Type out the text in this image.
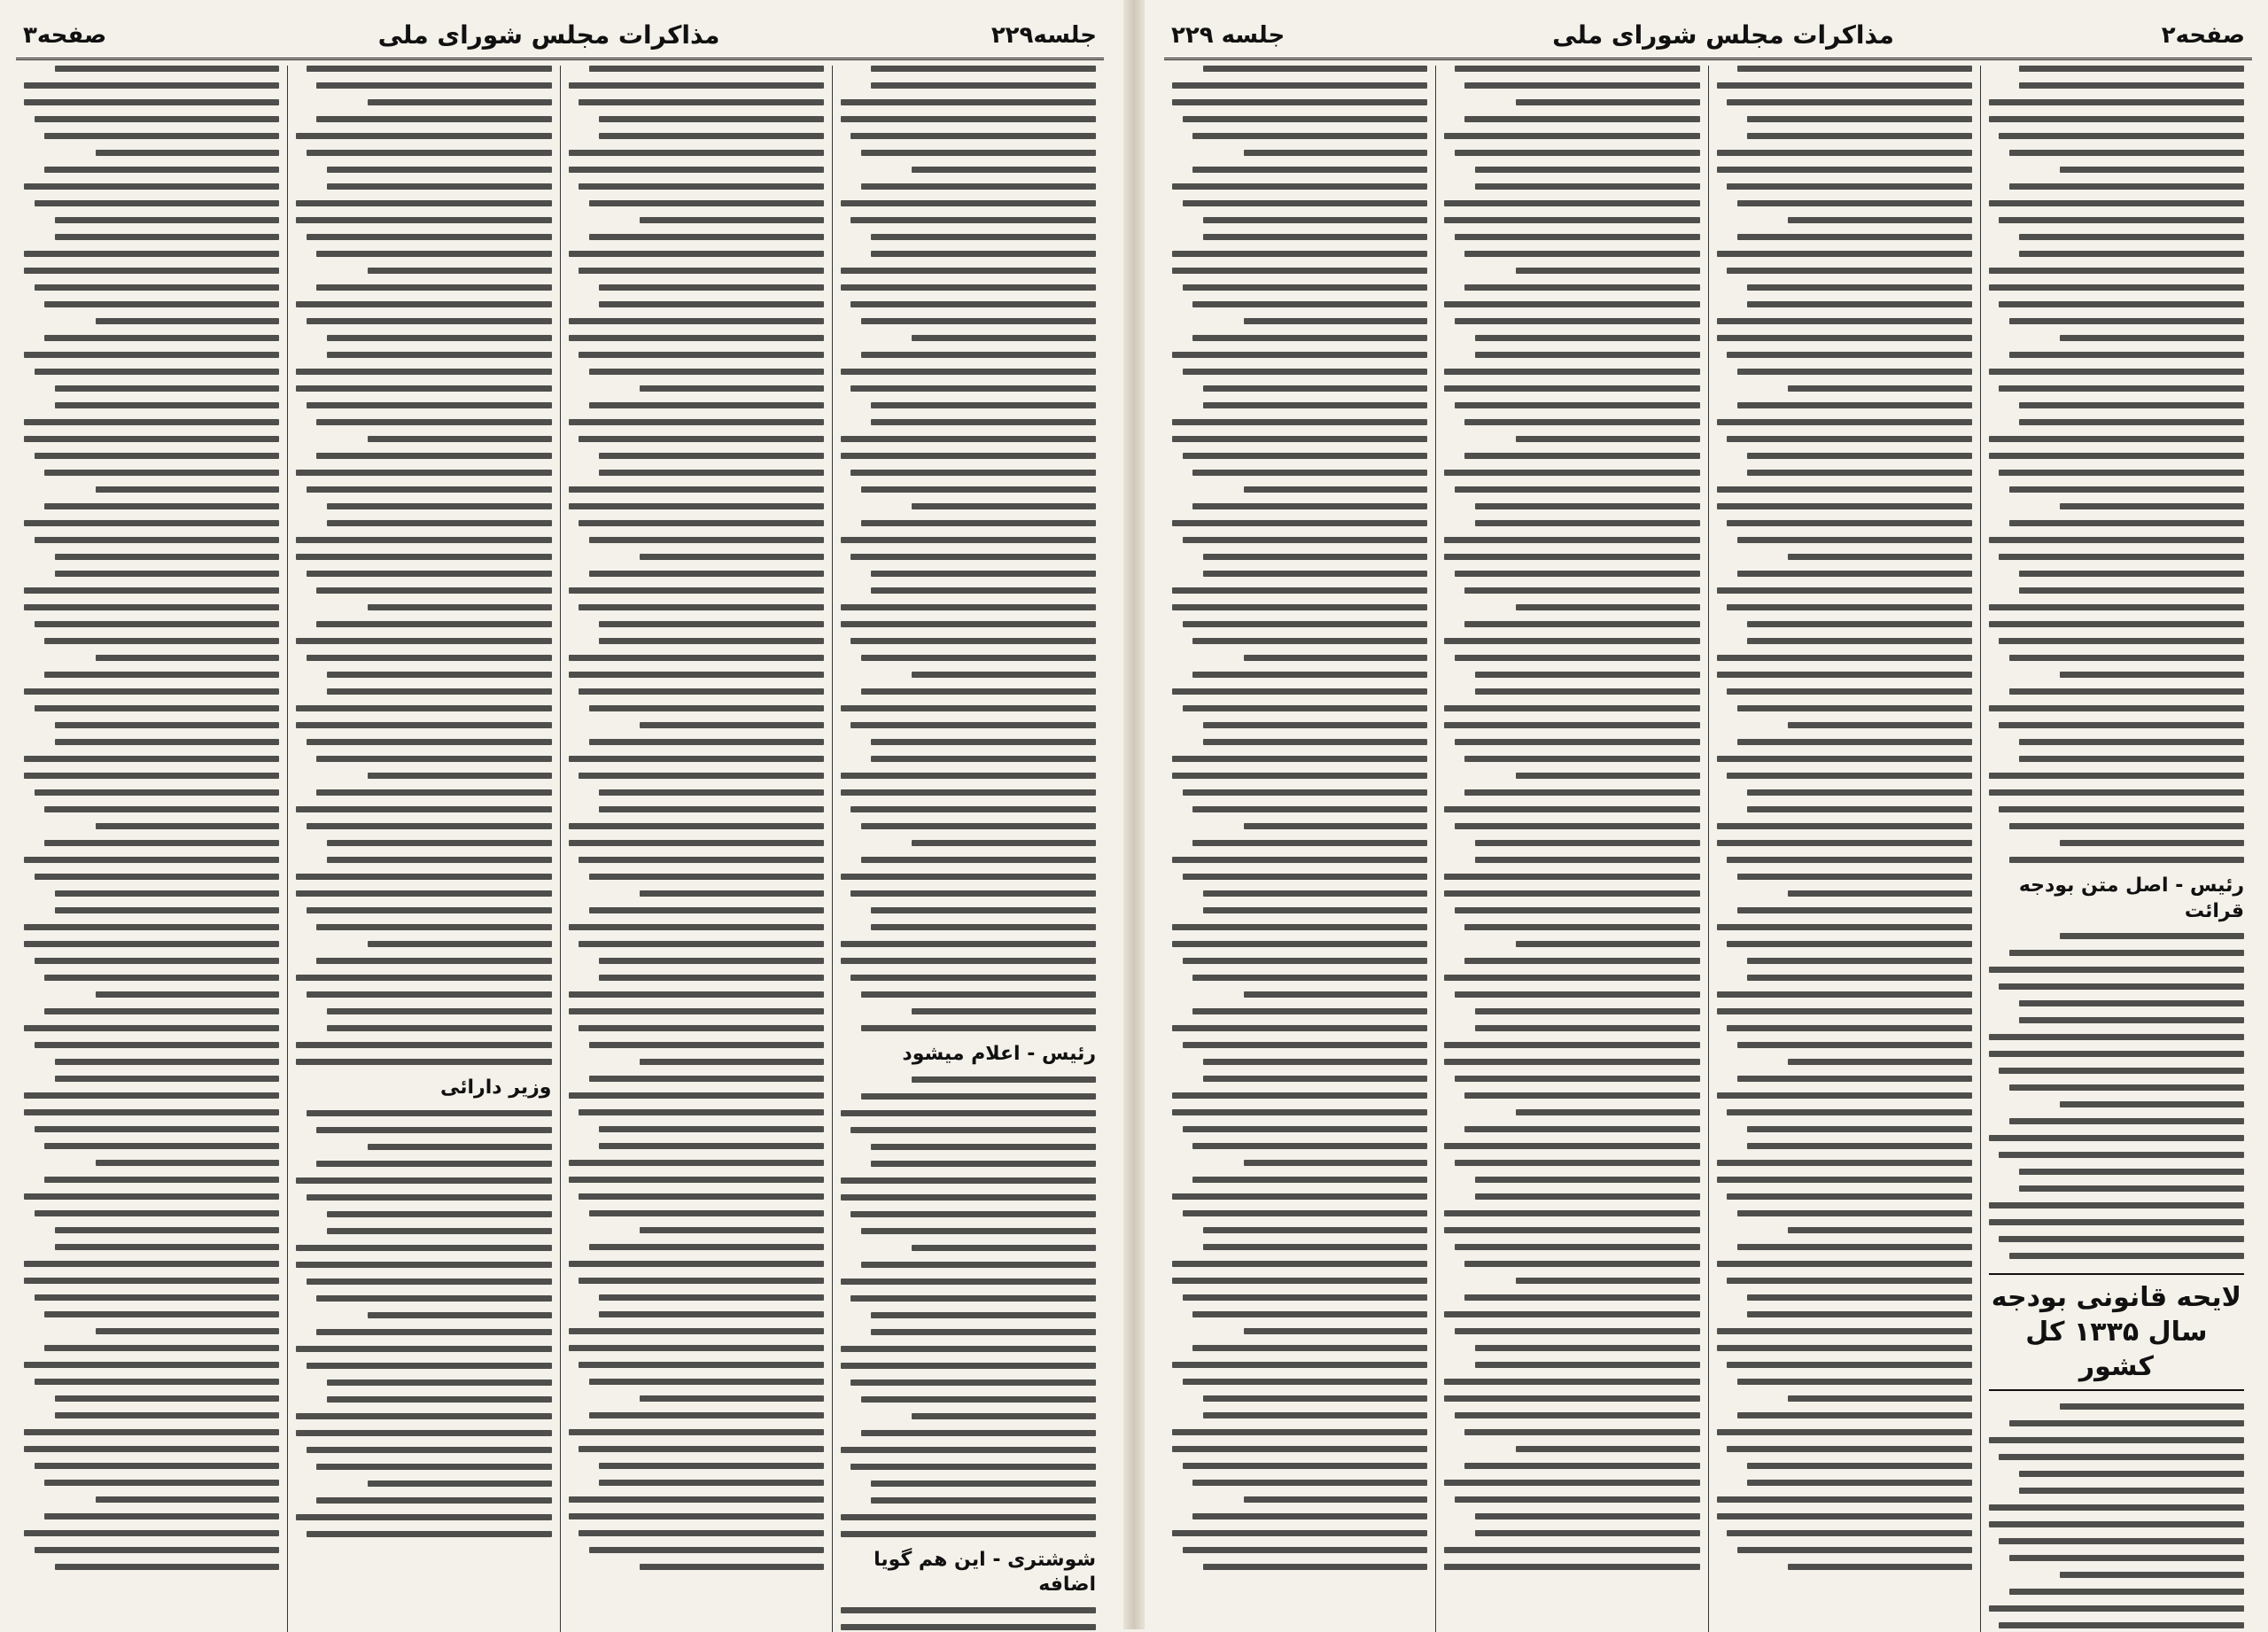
جلسه۲۲۹
مذاکرات مجلس شورای ملی
صفحه۳
رئیس - اعلام میشود
شوشتری - این هم گویا اضافه
وزیر دارائی
صفحه۲
مذاکرات مجلس شورای ملی
جلسه ۲۲۹
رئیس - اصل متن بودجه قرائت
لایحه قانونی بودجه سال ۱۳۳۵ کل کشور
